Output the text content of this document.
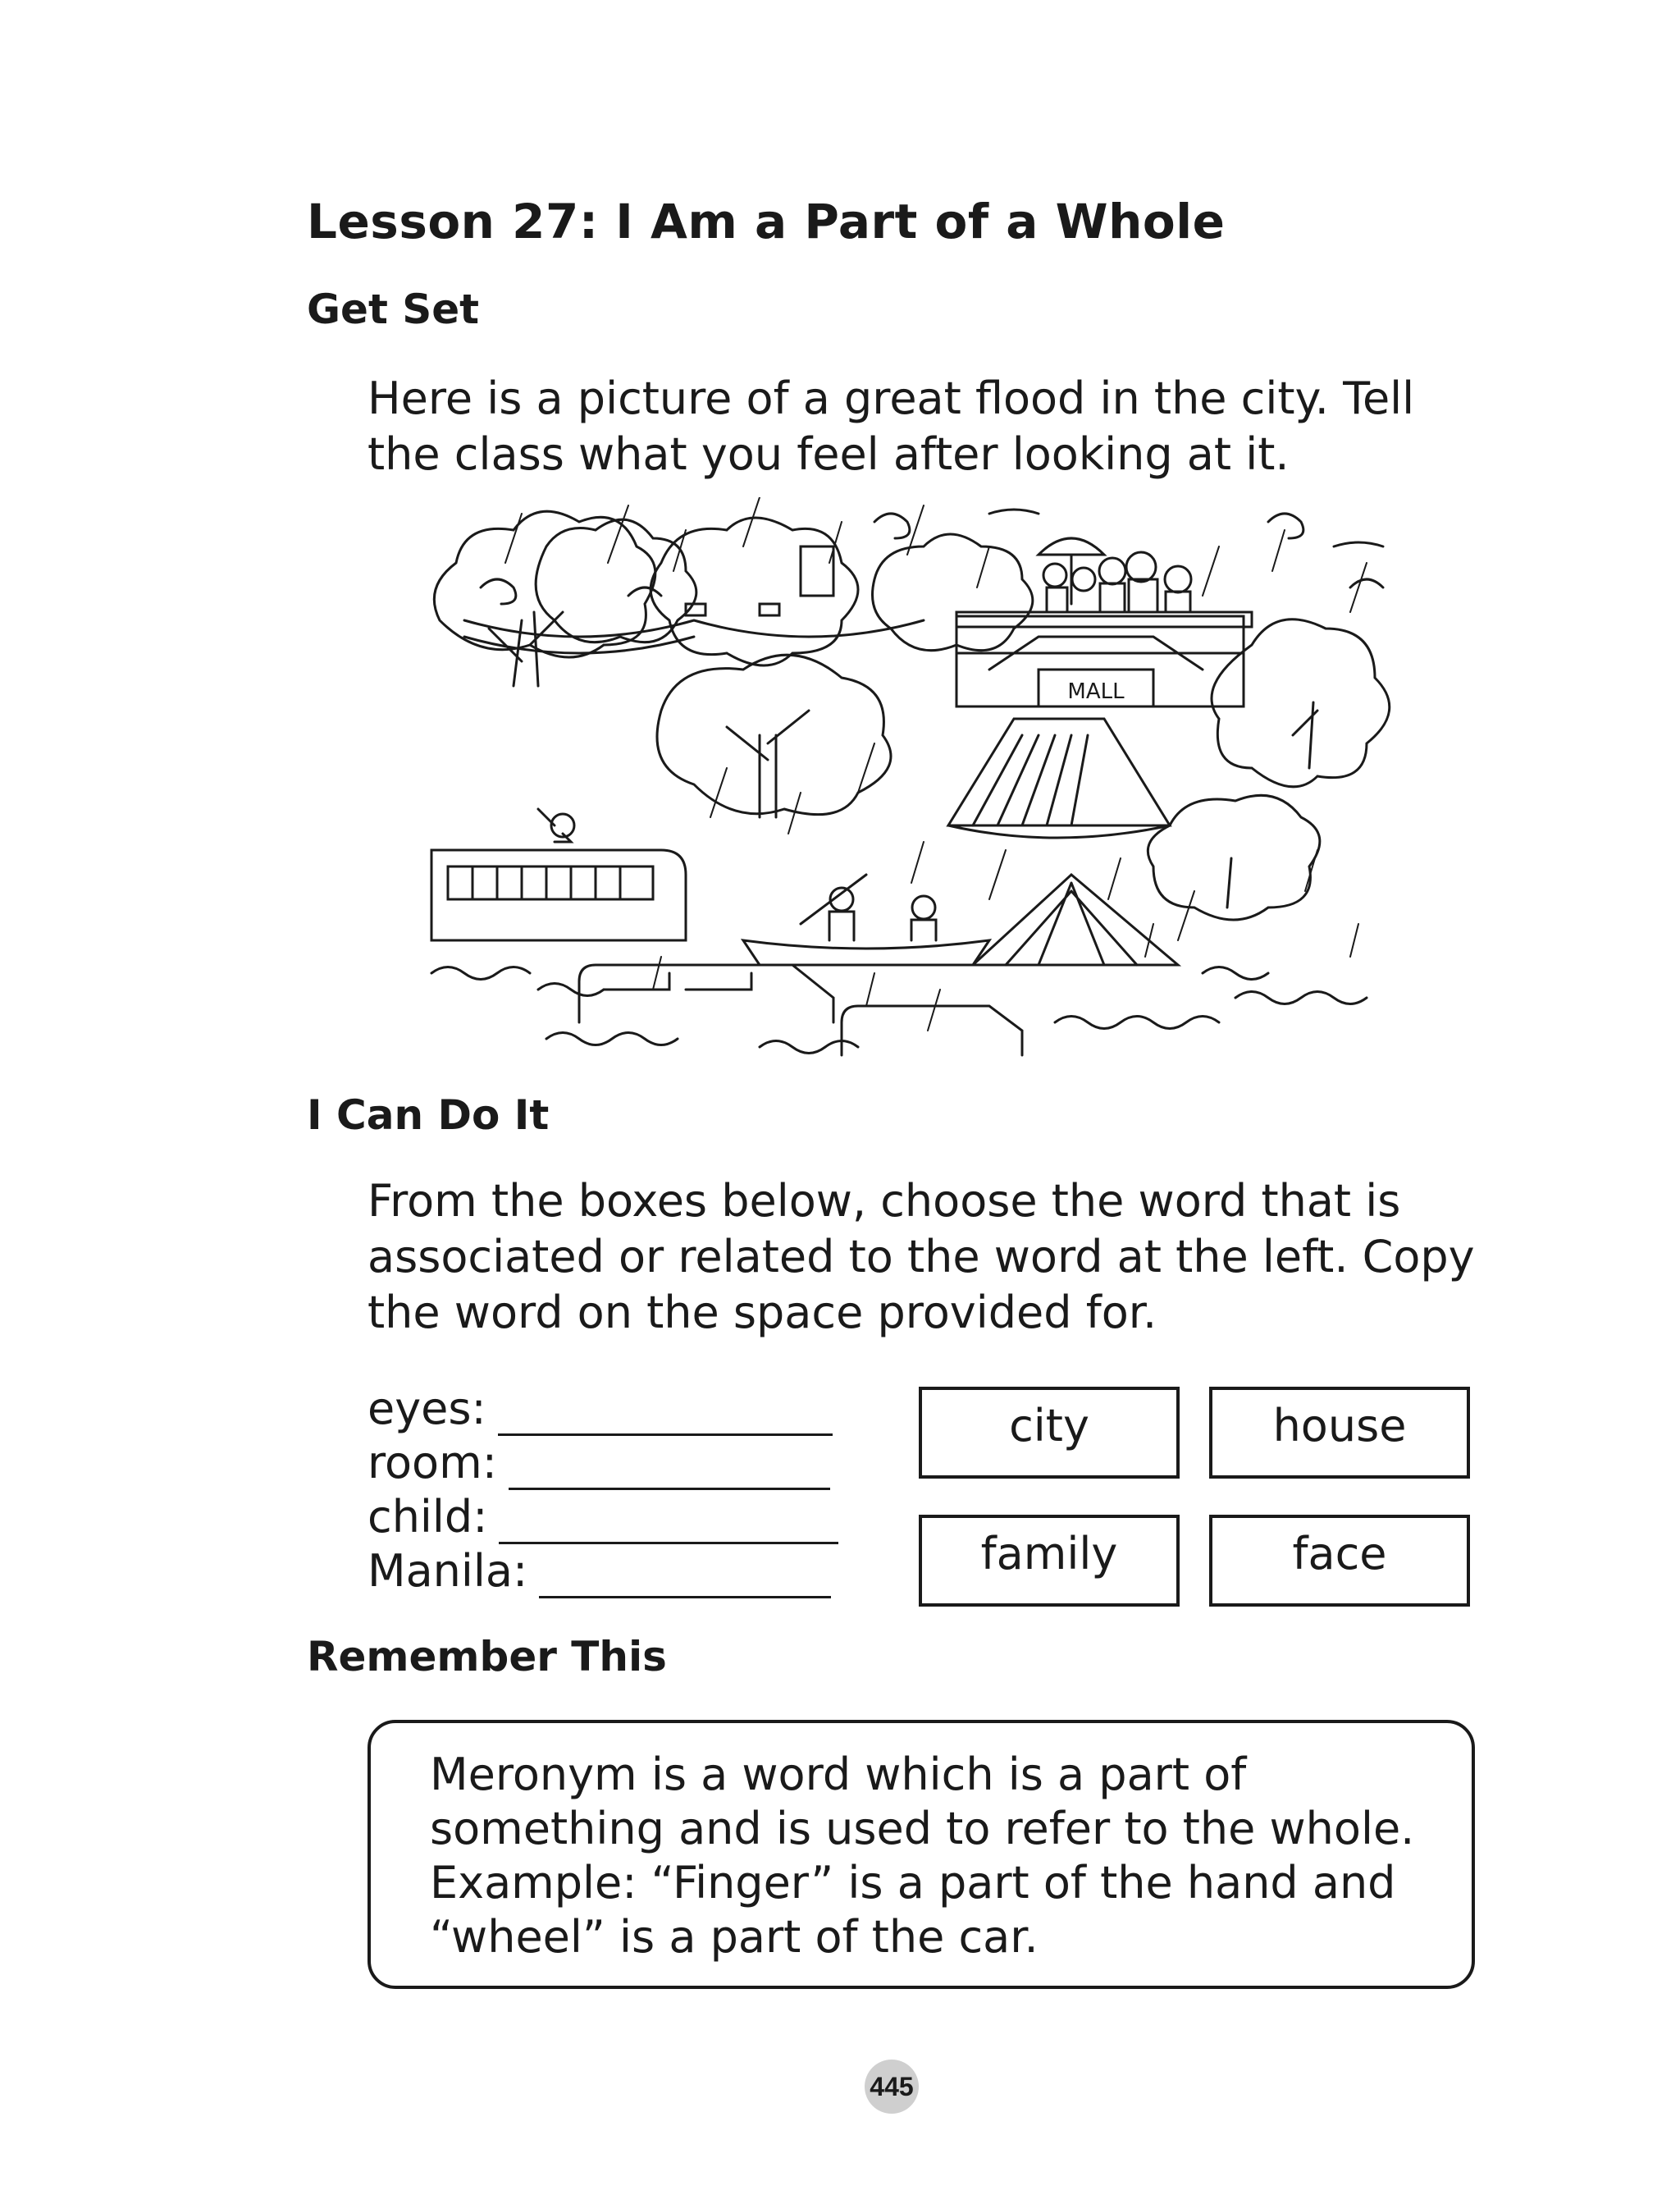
Lesson 27: I Am a Part of a Whole
Get Set
Here is a picture of a great flood in the city. Tell
the class what you feel after looking at it.
MALL
I Can Do It
From the boxes below, choose the word that is
associated or related to the word at the left. Copy
the word on the space provided for.
eyes:
room:
child:
Manila:
city	house
family	face
Remember This
Meronym is a word which is a part of
something and is used to refer to the whole.
Example: “Finger” is a part of the hand and
“wheel” is a part of the car.
445
